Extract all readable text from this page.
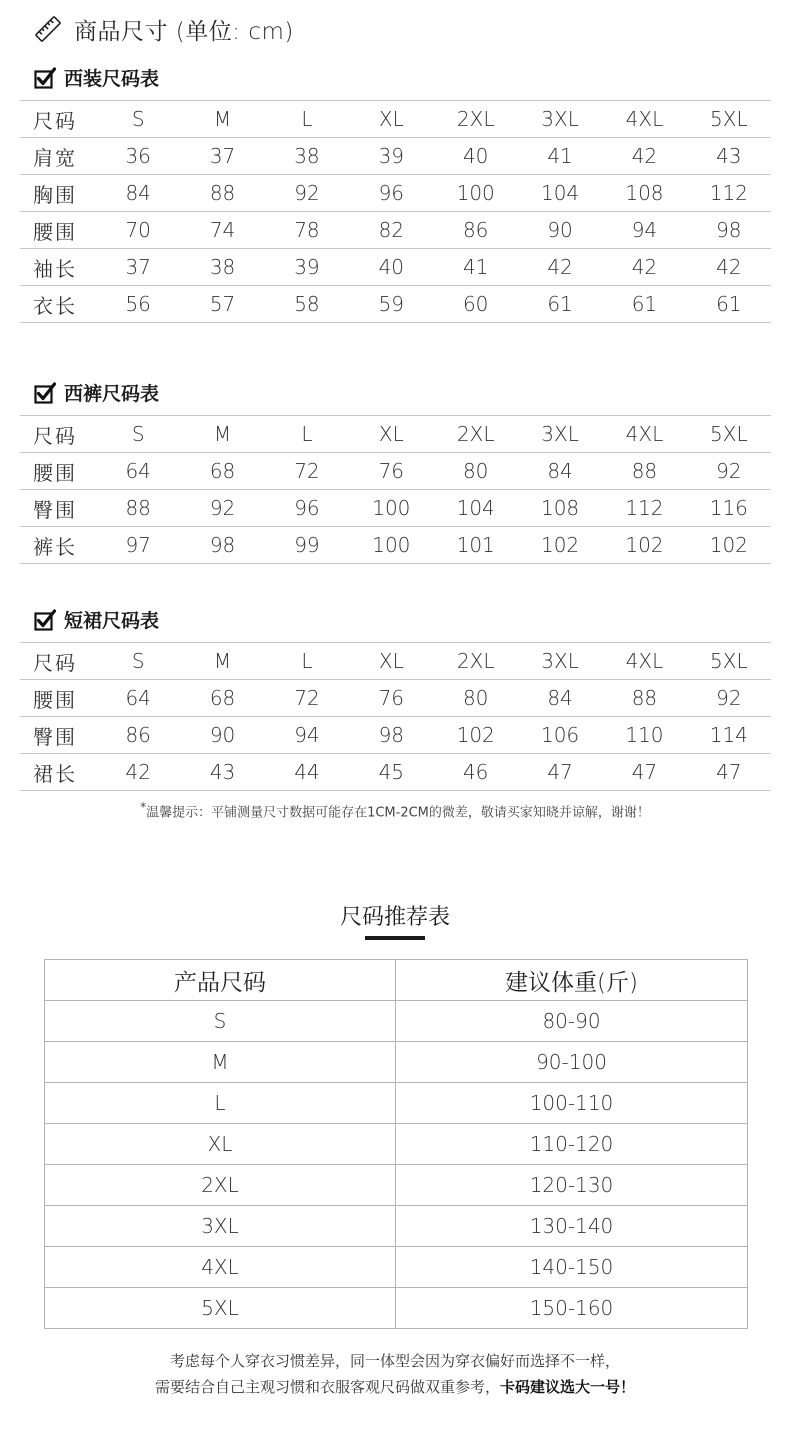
商品尺寸 (单位: cm)
西装尺码表
尺码	S	M	L	XL	2XL	3XL	4XL	5XL
肩宽	36	37	38	39	40	41	42	43
胸围	84	88	92	96	100	104	108	112
腰围	70	74	78	82	86	90	94	98
袖长	37	38	39	40	41	42	42	42
衣长	56	57	58	59	60	61	61	61
西裤尺码表
尺码	S	M	L	XL	2XL	3XL	4XL	5XL
腰围	64	68	72	76	80	84	88	92
臀围	88	92	96	100	104	108	112	116
裤长	97	98	99	100	101	102	102	102
短裙尺码表
尺码	S	M	L	XL	2XL	3XL	4XL	5XL
腰围	64	68	72	76	80	84	88	92
臀围	86	90	94	98	102	106	110	114
裙长	42	43	44	45	46	47	47	47
*温馨提示：平铺测量尺寸数据可能存在1CM-2CM的微差，敬请买家知晓并谅解，谢谢！
尺码推荐表
产品尺码	建议体重(斤)
S	80-90
M	90-100
L	100-110
XL	110-120
2XL	120-130
3XL	130-140
4XL	140-150
5XL	150-160
考虑每个人穿衣习惯差异，同一体型会因为穿衣偏好而选择不一样，
需要结合自己主观习惯和衣服客观尺码做双重参考，卡码建议选大一号！
